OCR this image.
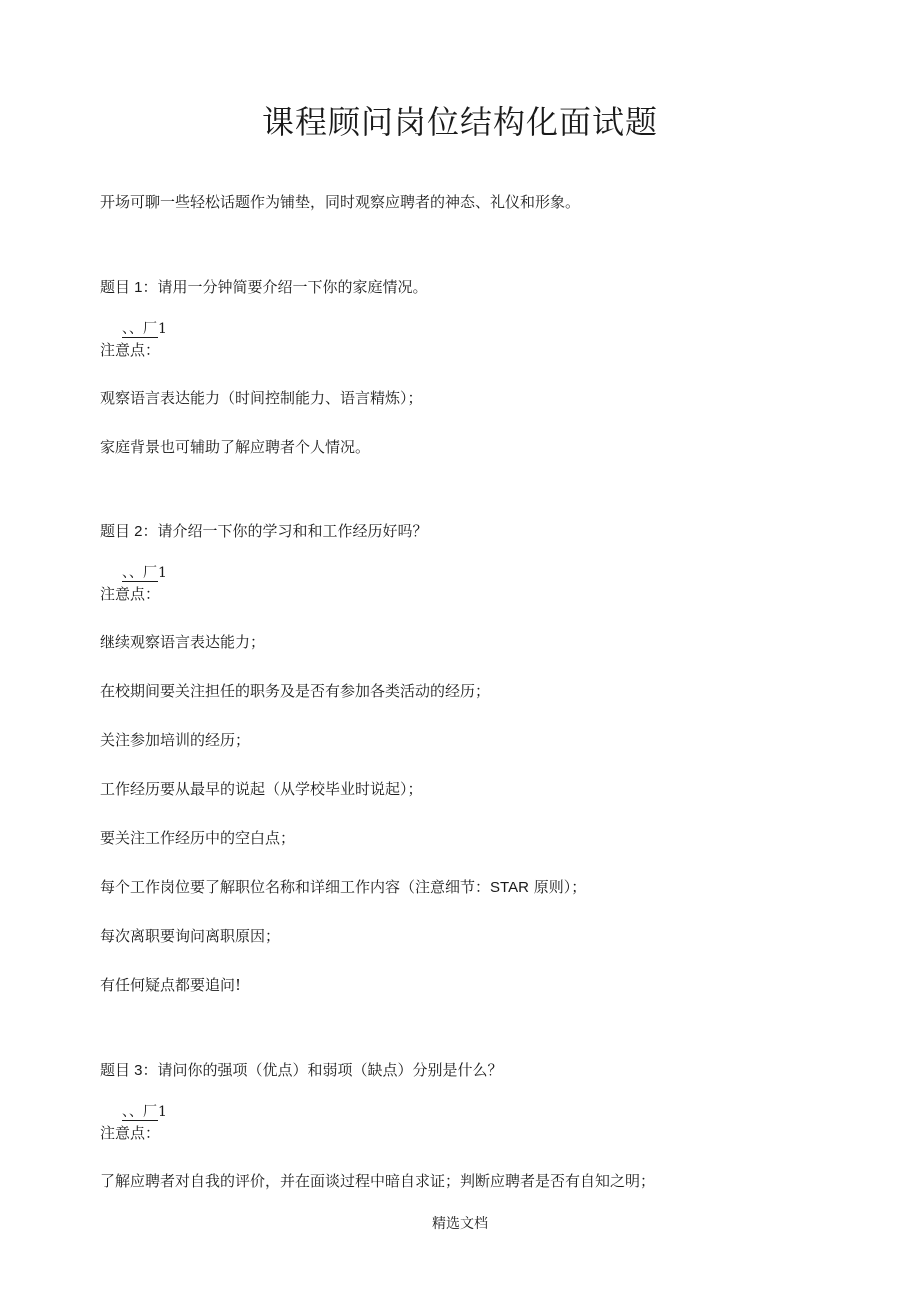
课程顾问岗位结构化面试题

开场可聊一些轻松话题作为铺垫，同时观察应聘者的神态、礼仪和形象。

题目 1：请用一分钟简要介绍一下你的家庭情况。

、、厂1

注意点：

观察语言表达能力（时间控制能力、语言精炼）；

家庭背景也可辅助了解应聘者个人情况。

题目 2：请介绍一下你的学习和和工作经历好吗？

、、厂1

注意点：

继续观察语言表达能力；

在校期间要关注担任的职务及是否有参加各类活动的经历；

关注参加培训的经历；

工作经历要从最早的说起（从学校毕业时说起）；

要关注工作经历中的空白点；

每个工作岗位要了解职位名称和详细工作内容（注意细节：STAR 原则）；

每次离职要询问离职原因；

有任何疑点都要追问!

题目 3：请问你的强项（优点）和弱项（缺点）分别是什么？

、、厂1

注意点：

了解应聘者对自我的评价，并在面谈过程中暗自求证；判断应聘者是否有自知之明；

精选文档
